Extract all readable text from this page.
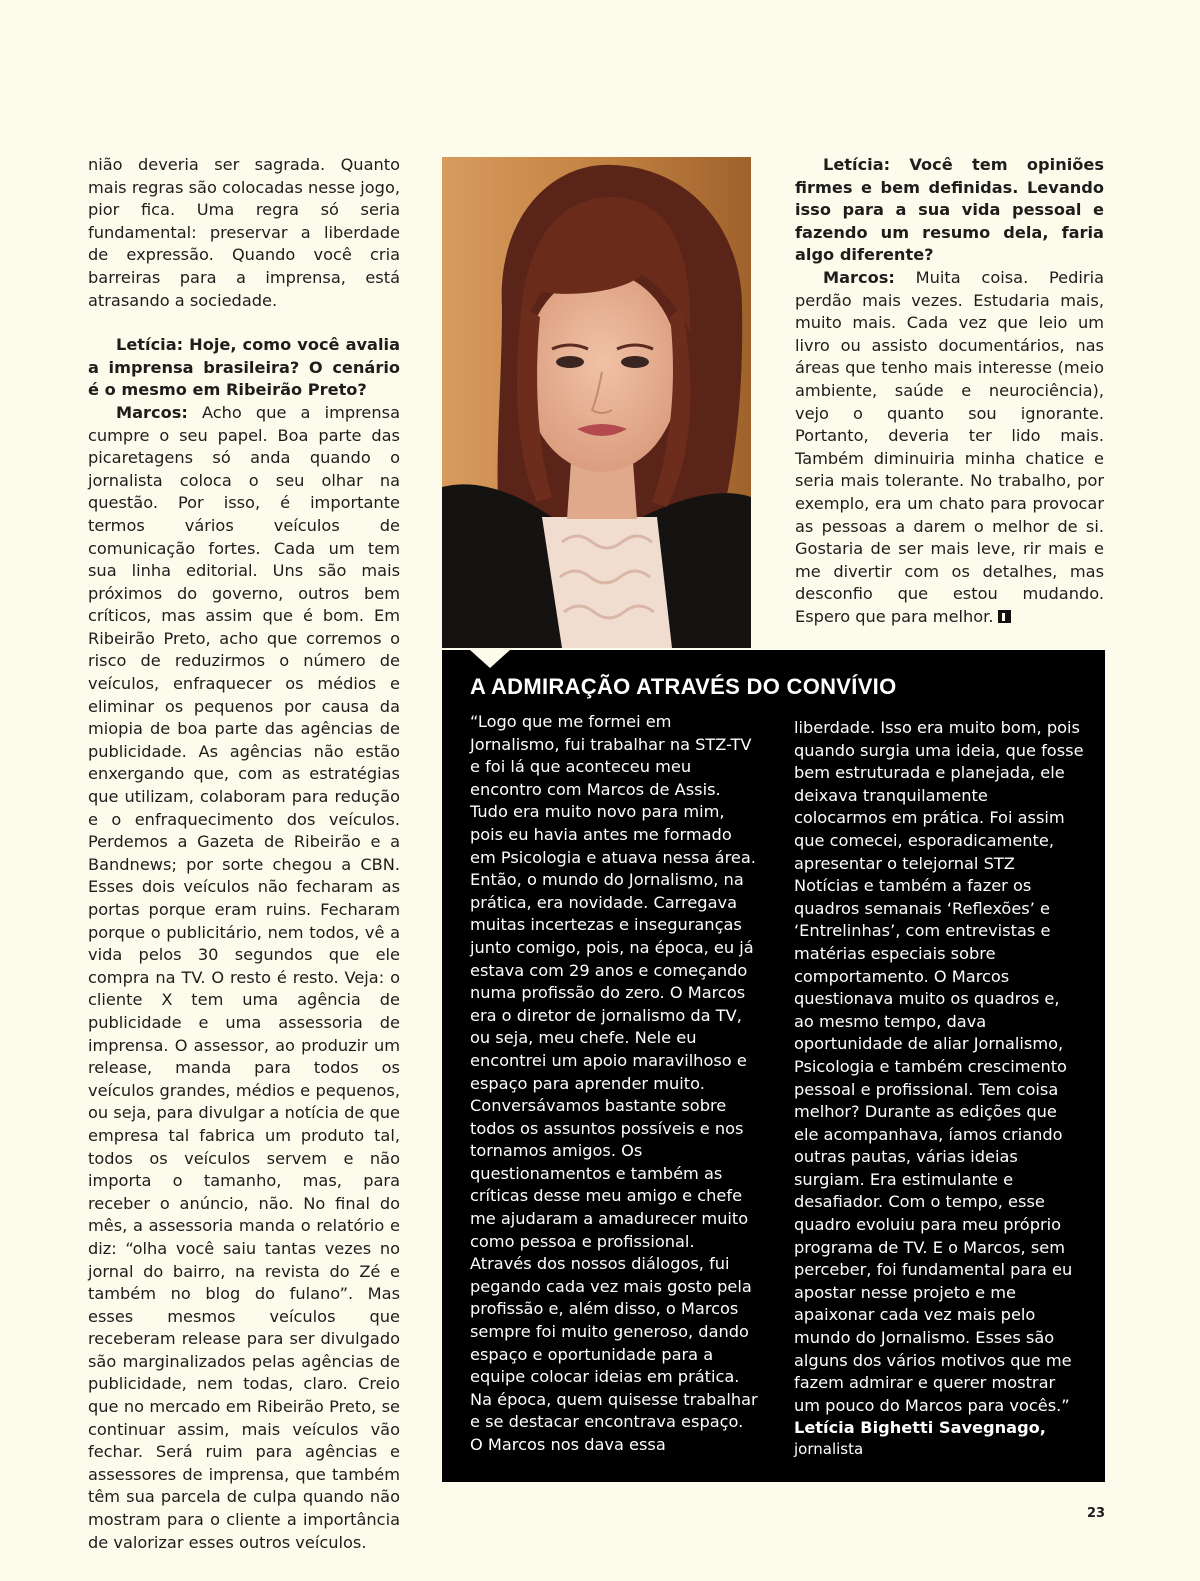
nião deveria ser sagrada. Quanto mais regras são colocadas nesse jogo, pior fica. Uma regra só seria fundamental: preservar a liberdade de expressão. Quando você cria barreiras para a imprensa, está atrasando a sociedade.

Letícia: Hoje, como você avalia a imprensa brasileira? O cenário é o mesmo em Ribeirão Preto?

Marcos: Acho que a imprensa cumpre o seu papel. Boa parte das picaretagens só anda quando o jornalista coloca o seu olhar na questão. Por isso, é importante termos vários veículos de comunicação fortes. Cada um tem sua linha editorial. Uns são mais próximos do governo, outros bem críticos, mas assim que é bom. Em Ribeirão Preto, acho que corremos o risco de reduzirmos o número de veículos, enfraquecer os médios e eliminar os pequenos por causa da miopia de boa parte das agências de publicidade. As agências não estão enxergando que, com as estratégias que utilizam, colaboram para redução e o enfraquecimento dos veículos. Perdemos a Gazeta de Ribeirão e a Bandnews; por sorte chegou a CBN. Esses dois veículos não fecharam as portas porque eram ruins. Fecharam porque o publicitário, nem todos, vê a vida pelos 30 segundos que ele compra na TV. O resto é resto. Veja: o cliente X tem uma agência de publicidade e uma assessoria de imprensa. O assessor, ao produzir um release, manda para todos os veículos grandes, médios e pequenos, ou seja, para divulgar a notícia de que empresa tal fabrica um produto tal, todos os veículos servem e não importa o tamanho, mas, para receber o anúncio, não. No final do mês, a assessoria manda o relatório e diz: “olha você saiu tantas vezes no jornal do bairro, na revista do Zé e também no blog do fulano”. Mas esses mesmos veículos que receberam release para ser divulgado são marginalizados pelas agências de publicidade, nem todas, claro. Creio que no mercado em Ribeirão Preto, se continuar assim, mais veículos vão fechar. Será ruim para agências e assessores de imprensa, que também têm sua parcela de culpa quando não mostram para o cliente a importância de valorizar esses outros veículos.

Letícia: Você tem opiniões firmes e bem definidas. Levando isso para a sua vida pessoal e fazendo um resumo dela, faria algo diferente?

Marcos: Muita coisa. Pediria perdão mais vezes. Estudaria mais, muito mais. Cada vez que leio um livro ou assisto documentários, nas áreas que tenho mais interesse (meio ambiente, saúde e neurociência), vejo o quanto sou ignorante. Portanto, deveria ter lido mais. Também diminuiria minha chatice e seria mais tolerante. No trabalho, por exemplo, era um chato para provocar as pessoas a darem o melhor de si. Gostaria de ser mais leve, rir mais e me divertir com os detalhes, mas desconfio que estou mudando. Espero que para melhor.

A ADMIRAÇÃO ATRAVÉS DO CONVÍVIO
“Logo que me formei em Jornalismo, fui trabalhar na STZ-TV e foi lá que aconteceu meu encontro com Marcos de Assis. Tudo era muito novo para mim, pois eu havia antes me formado em Psicologia e atuava nessa área. Então, o mundo do Jornalismo, na prática, era novidade. Carregava muitas incertezas e inseguranças junto comigo, pois, na época, eu já estava com 29 anos e começando numa profissão do zero. O Marcos era o diretor de jornalismo da TV, ou seja, meu chefe. Nele eu encontrei um apoio maravilhoso e espaço para aprender muito. Conversávamos bastante sobre todos os assuntos possíveis e nos tornamos amigos. Os questionamentos e também as críticas desse meu amigo e chefe me ajudaram a amadurecer muito como pessoa e profissional. Através dos nossos diálogos, fui pegando cada vez mais gosto pela profissão e, além disso, o Marcos sempre foi muito generoso, dando espaço e oportunidade para a equipe colocar ideias em prática. Na época, quem quisesse trabalhar e se destacar encontrava espaço. O Marcos nos dava essa
liberdade. Isso era muito bom, pois quando surgia uma ideia, que fosse bem estruturada e planejada, ele deixava tranquilamente colocarmos em prática. Foi assim que comecei, esporadicamente, apresentar o telejornal STZ Notícias e também a fazer os quadros semanais ‘Reflexões’ e ‘Entrelinhas’, com entrevistas e matérias especiais sobre comportamento. O Marcos questionava muito os quadros e, ao mesmo tempo, dava oportunidade de aliar Jornalismo, Psicologia e também crescimento pessoal e profissional. Tem coisa melhor? Durante as edições que ele acompanhava, íamos criando outras pautas, várias ideias surgiam. Era estimulante e desafiador. Com o tempo, esse quadro evoluiu para meu próprio programa de TV. E o Marcos, sem perceber, foi fundamental para eu apostar nesse projeto e me apaixonar cada vez mais pelo mundo do Jornalismo. Esses são alguns dos vários motivos que me fazem admirar e querer mostrar um pouco do Marcos para vocês.”
Letícia Bighetti Savegnago,
jornalista
23
